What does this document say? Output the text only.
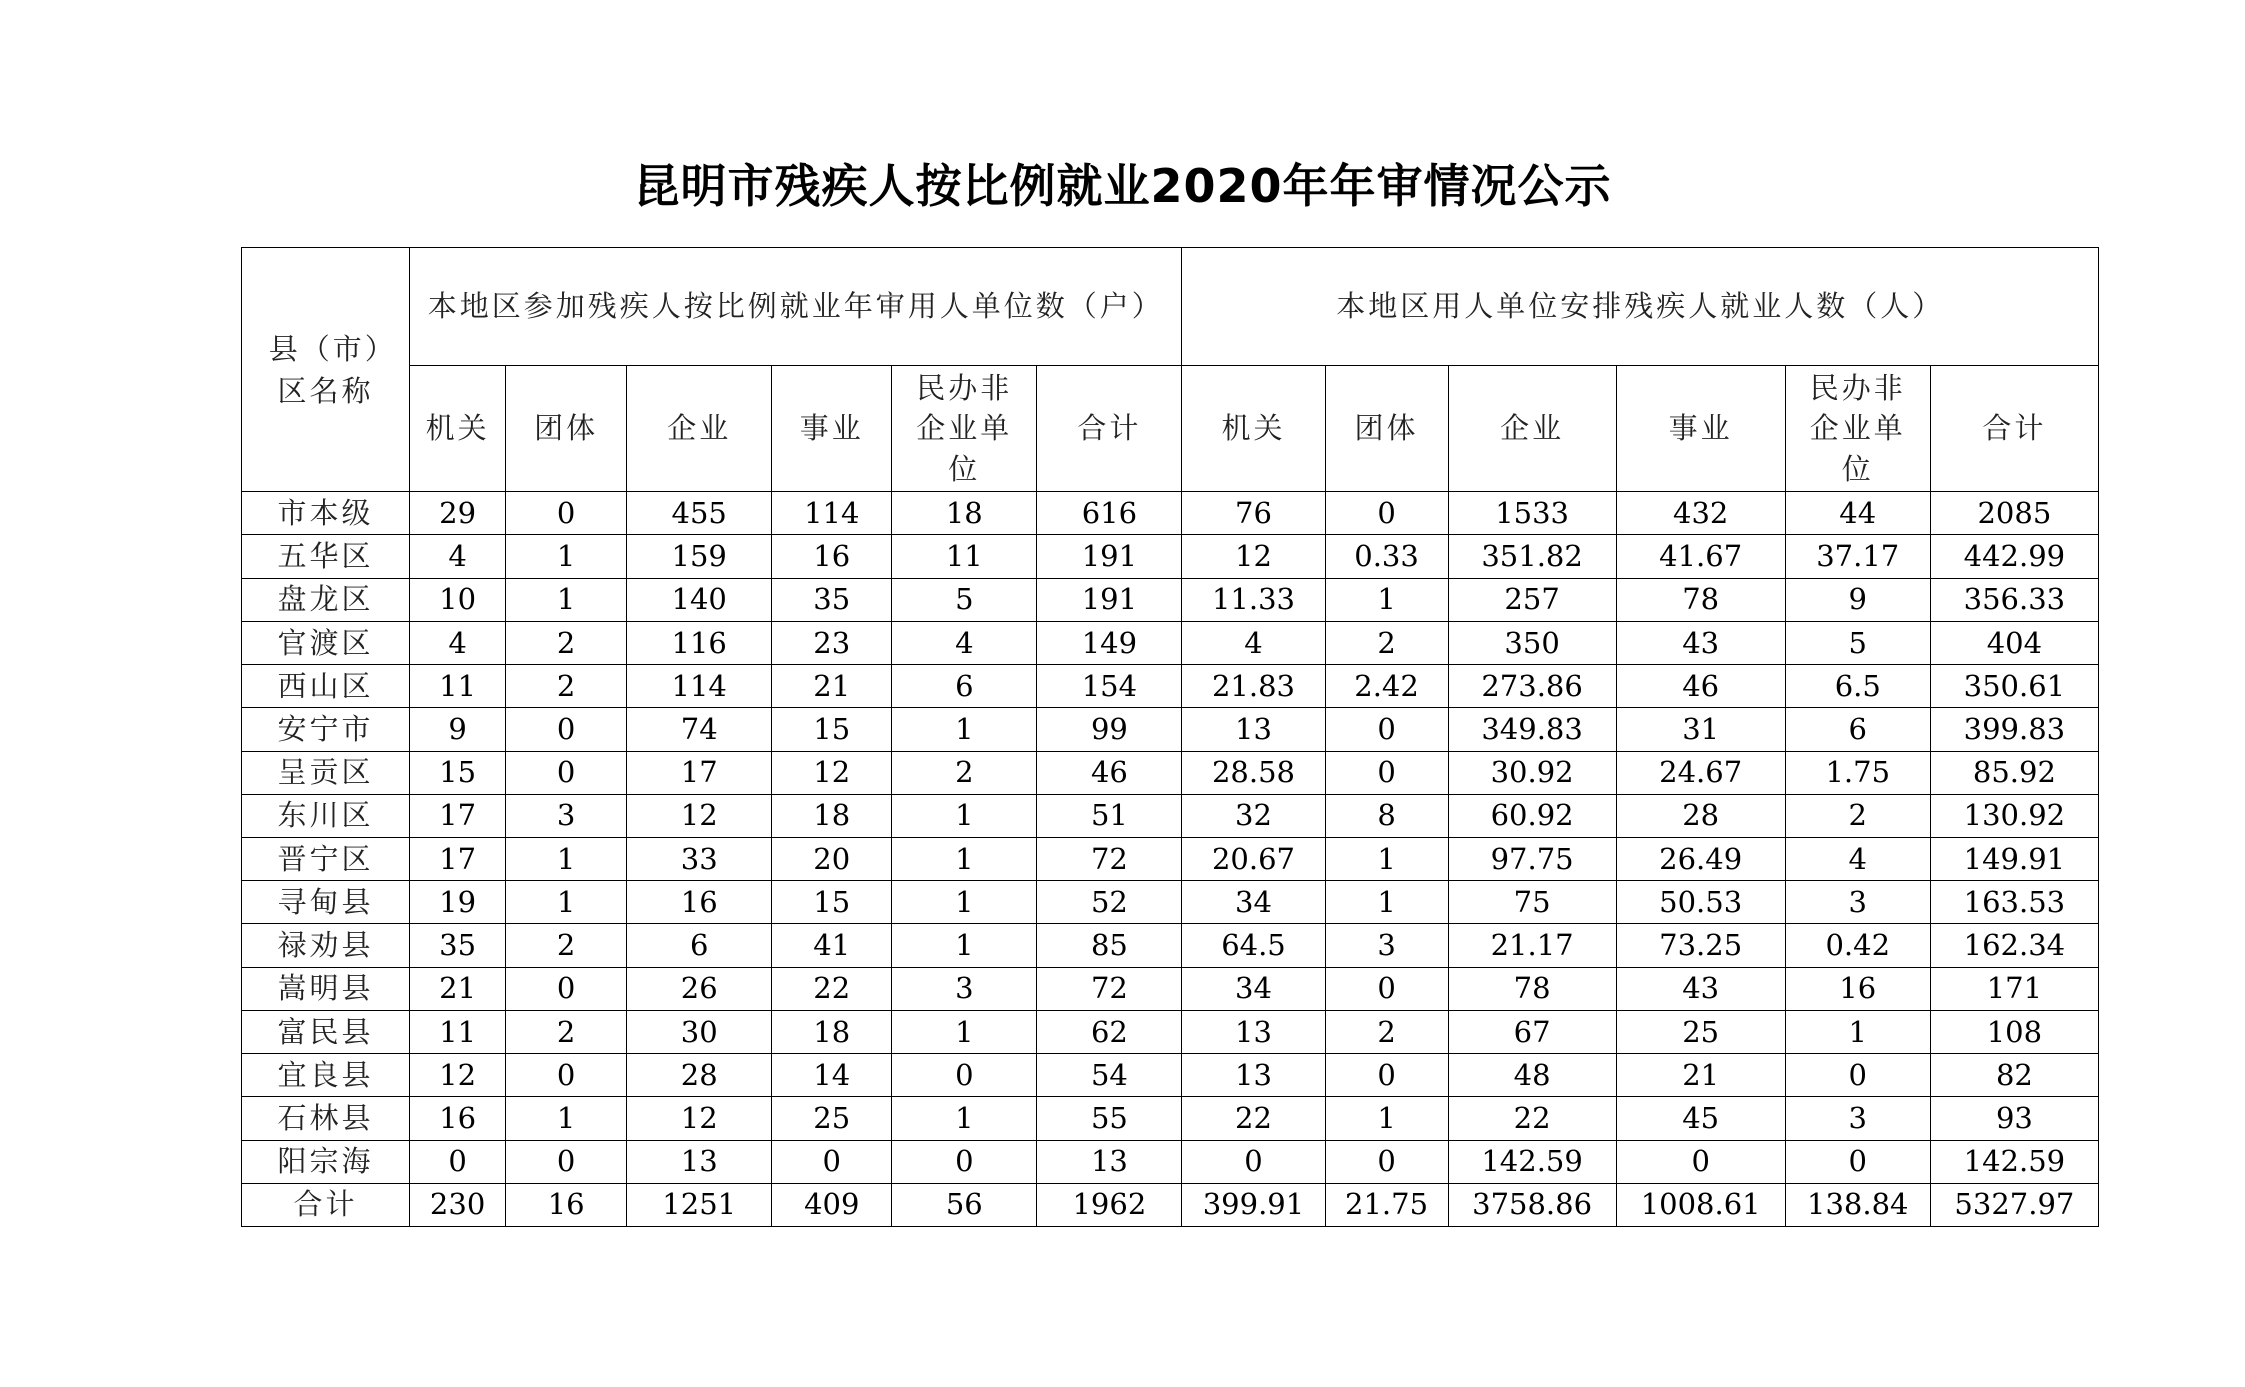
昆明市残疾人按比例就业2020年年审情况公示
县（市）区名称	本地区参加残疾人按比例就业年审用人单位数（户）						本地区用人单位安排残疾人就业人数（人）					
	机关	团体	企业	事业	民办非企业单位	合计	机关	团体	企业	事业	民办非企业单位	合计
市本级	29	0	455	114	18	616	76	0	1533	432	44	2085
五华区	4	1	159	16	11	191	12	0.33	351.82	41.67	37.17	442.99
盘龙区	10	1	140	35	5	191	11.33	1	257	78	9	356.33
官渡区	4	2	116	23	4	149	4	2	350	43	5	404
西山区	11	2	114	21	6	154	21.83	2.42	273.86	46	6.5	350.61
安宁市	9	0	74	15	1	99	13	0	349.83	31	6	399.83
呈贡区	15	0	17	12	2	46	28.58	0	30.92	24.67	1.75	85.92
东川区	17	3	12	18	1	51	32	8	60.92	28	2	130.92
晋宁区	17	1	33	20	1	72	20.67	1	97.75	26.49	4	149.91
寻甸县	19	1	16	15	1	52	34	1	75	50.53	3	163.53
禄劝县	35	2	6	41	1	85	64.5	3	21.17	73.25	0.42	162.34
嵩明县	21	0	26	22	3	72	34	0	78	43	16	171
富民县	11	2	30	18	1	62	13	2	67	25	1	108
宜良县	12	0	28	14	0	54	13	0	48	21	0	82
石林县	16	1	12	25	1	55	22	1	22	45	3	93
阳宗海	0	0	13	0	0	13	0	0	142.59	0	0	142.59
合计	230	16	1251	409	56	1962	399.91	21.75	3758.86	1008.61	138.84	5327.97
